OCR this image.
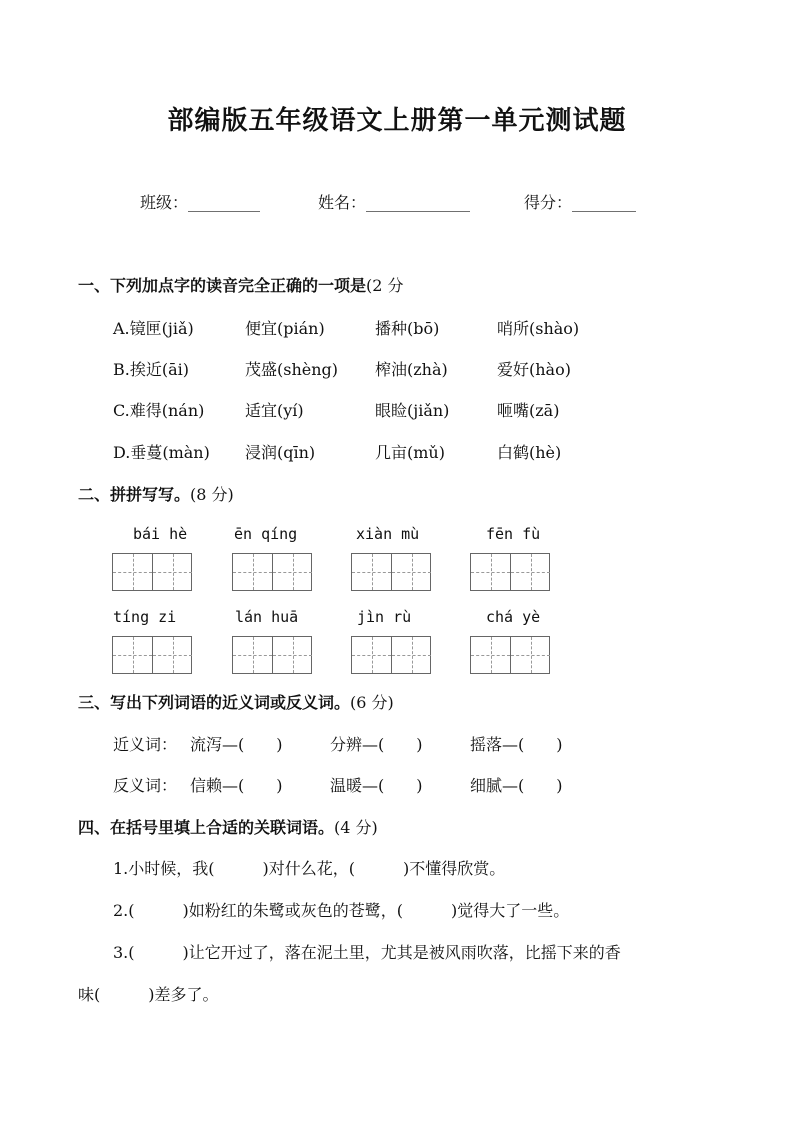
部编版五年级语文上册第一单元测试题
班级：_________	姓名：_____________	得分：________
一、下列加点字的读音完全正确的一项是(2 分
A.镜匣(jiǎ)	便宜(pián)	播种(bō)	哨所(shào)
B.挨近(āi)	茂盛(shèng) 榨油(zhà)	爱好(hào)
C.难得(nán)	适宜(yí)	眼睑(jiǎn)	咂嘴(zā)
D.垂蔓(màn) 浸润(qīn)	几亩(mǔ)	白鹤(hè)
二、拼拼写写。(8 分)
bái hè	ēn qíng	xiàn mù	fēn fù
tíng zi	lán huā	jìn rù	chá yè
三、写出下列词语的近义词或反义词。(6 分)
近义词： 流泻—(　　)	分辨—(　　)	摇落—(　　)
反义词： 信赖—(　　)	温暖—(　　)	细腻—(　　)
四、在括号里填上合适的关联词语。(4 分)
1.小时候，我(　　　)对什么花，(　　　)不懂得欣赏。
2.(　　　)如粉红的朱鹭或灰色的苍鹭，(　　　)觉得大了一些。
3.(　　　)让它开过了，落在泥土里，尤其是被风雨吹落，比摇下来的香
味(　　　)差多了。
